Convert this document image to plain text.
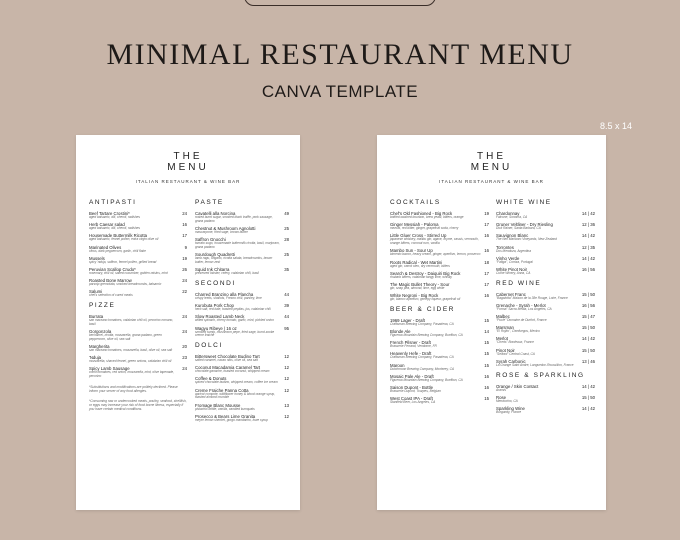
MINIMAL RESTAURANT MENU
CANVA TEMPLATE
8.5 x 14
THE
MENU
ITALIAN RESTAURANT & WINE BAR
ANTIPASTI
Beef Tartare Crostini*
aged balsamic, dill, chervil, radishes
24
Herb Caesar salad
aged balsamic, dill, chervil, radishes
16
Housemade Buttermilk Ricotta
aged balsamic, fennel pollen, extra virgin olive oil
17
Marinated Olives
citrus, dark peppercorn, garlic, chili flake
9
Mussels
spicy 'nduja, saffron, fennel pollen, grilled bread
19
Peruvian Scallop Crudo*
rosemary, chili oil, salted cucumber, golden raisins, mint
26
Roasted Bone Marrow
parsnip gremolata, smoked breadcrumbs, balsamic
24
Salumi
chef's selection of cured meats
22
PIZZE
Burrata
san marzano tomatoes, calabrian chili oil, pecorino romano, basil
24
Gorgonzola
bechamel, ricotta, mozzarella, grana padano, green peppercorn, olive oil, sea salt
24
Margherita
san marzano tomatoes, mozzarella, basil, olive oil, sea salt
20
'Nduja
mozzarella, shaved fennel, green onions, calabrian chili oil
23
Spicy Lamb Sausage
confit tomatoes, red onion, mozzarella, mint, olive tapenade, pecorino
24
*Substitutions and modifications are politely declined. Please inform your server of any food allergies.
*Consuming raw or undercooked meats, poultry, seafood, shellfish, or eggs may increase your risk of food borne illness, especially if you have certain medical conditions.
PASTE
Cavatelli alla Norcina
rosted burnt sugar, smoked black truffle, pork sausage, grana padano
49
Chestnut & Mushroom Agnolotti
mascarpone, fried sage, brown butter
25
Saffron Gnocchi
tomato sugo, housemade buttermilk ricotta, basil, marjoram, grana padano
28
Sourdough Quadretti
lamb ragu, origano, ricotta salata, breadcrumbs, brown butter, lemon zest
25
Squid Ink Chitarra
preserved lobster, celery, calabrian chili, basil
35
SECONDI
Charred Branzino alla Plancha
crispy leeks, shallots, Fresno chili, parsley, lime
44
Kurobuta Pork Chop
herb salt, red kale, toasted pepitas, jus, calabrian chili
39
Slow Roasted Lamb Neck
wilted spinach, cherry tomato, garlic, mint, pickled onion
44
Wagyu Ribeye | 16 oz
smoked turnip, mushroom pepe, fried sage, burnt-sooke creme fraiche
95
DOLCI
Bittersweet Chocolate Budino Tart
salted caramel, cacao nibs, olive oil, sea salt
12
Coconut Macadamia Caramel Tart
chocolate ganache, toasted coconut, whipped cream
12
Coffee & Donuts
spiced chocolate budino, whipped cream, coffee ice cream
12
Creme Fraiche Panna Cotta
apricot compote, wildflower honey & blood orange syrup, toasted almond crumble
12
Fromage Blanc Mousse
pistachio brittle, vanilla, candied kumquats
13
Prosecco & Bears Lime Granita
meyer lemon sherbet, gorgo mandarino, lowe syrup
12
THE
MENU
ITALIAN RESTAURANT & WINE BAR
COCKTAILS
Chef's Old Fashioned - Big Rock
bottled-washed bourbon, brew yeast, bitters, orange
19
Ginger Messiah - Paloma
mezcal, red bitter, ginger, grapefruit soda, cherry
17
Little Gluer Cross - Stirred Up
japanese whiskey, malibu gin, agave, thyme, cassis, vermouth, orange bitters, coconut rum, vanilla
16
Mambo Sun - Sour Up
bimento bacon, heavy cream, ginger, aperitivo, lemon, prosecco
16
Roots Radical - Wet Martini
aged gin, carrot oleo, dry vermouth, bitters
18
Search & Destroy - Daiquiri Big Rock
rhubarb bitters, calabrian tangy lime, whisky
17
The Magic Bullet Theory - Sour
gin, snap pea, almond, lime, egg white
17
White Negroni - Big Rock
gin, bianco aperitivo, genepy liqueur, grapefruit oil
16
BEER & CIDER
1969 Lager - Draft
Craftsman Brewing Company, Pasadena, CA
15
Blonde Ale
Figueroa Mountain Brewing Company, Buellton, CA
14
French Pilsner - Draft
Brasserie Ferrand, Vendome, FR
15
Heavenly Hefe - Draft
Craftsman Brewing Company, Pasadena, CA
15
Maroon
Dutchmoon Brewing Company, Monterey, CA
15
Mosaic Pale Ale - Draft
Figueroa Mountain Brewing Company, Buellton, CA
16
Saison Dupont - Bottle
Brasserie Dupont, Tourpes, Belgium
16
West Coast IPA - Draft
Stanfield Beer, Los Angeles, CA
15
WHITE WINE
Chardonnay
Falcone, Sonoma, CA
14 | 42
Gruner Veltliner - Dry Riesling
Dick Rainer, Santa Barbara, CA
12 | 36
Sauvignon Blanc
The Neil Marlboro Vineyards, New Zealand
14 | 42
Torrontes
Dos Mendoza, Argentina
12 | 35
Vinho Verde
"Fafiga", Corriza, Portugal
14 | 42
White Pinot Noir
Cuthe Winery, Anna, CA
16 | 56
RED WINE
Cabernet Franc
"Bagalotta" Maison de la 38e Rouge, Loire, France
15 | 50
Grenache - Syrah - Merlot
"Forma" Sacra Media, Los Angeles, CA
16 | 56
Malbec
"Pucle" Domaine de Durfort, France
15 | 47
Marsman
"El Rojito", Cienfuegos, Mexico
15 | 50
Merlot
"Cherts" Bordeaux, France
14 | 42
Pinot Noir
"Seiford" Central Coast, CA
15 | 50
Syrah Carbonic
La Grange Saint Andre, Languedoc-Roussillon, France
13 | 46
ROSE & SPARKLING
Orange / Skin Contact
Aramis
14 | 42
Rose
Mendocino, CA
15 | 50
Sparkling Wine
Burgundy, France
14 | 42
